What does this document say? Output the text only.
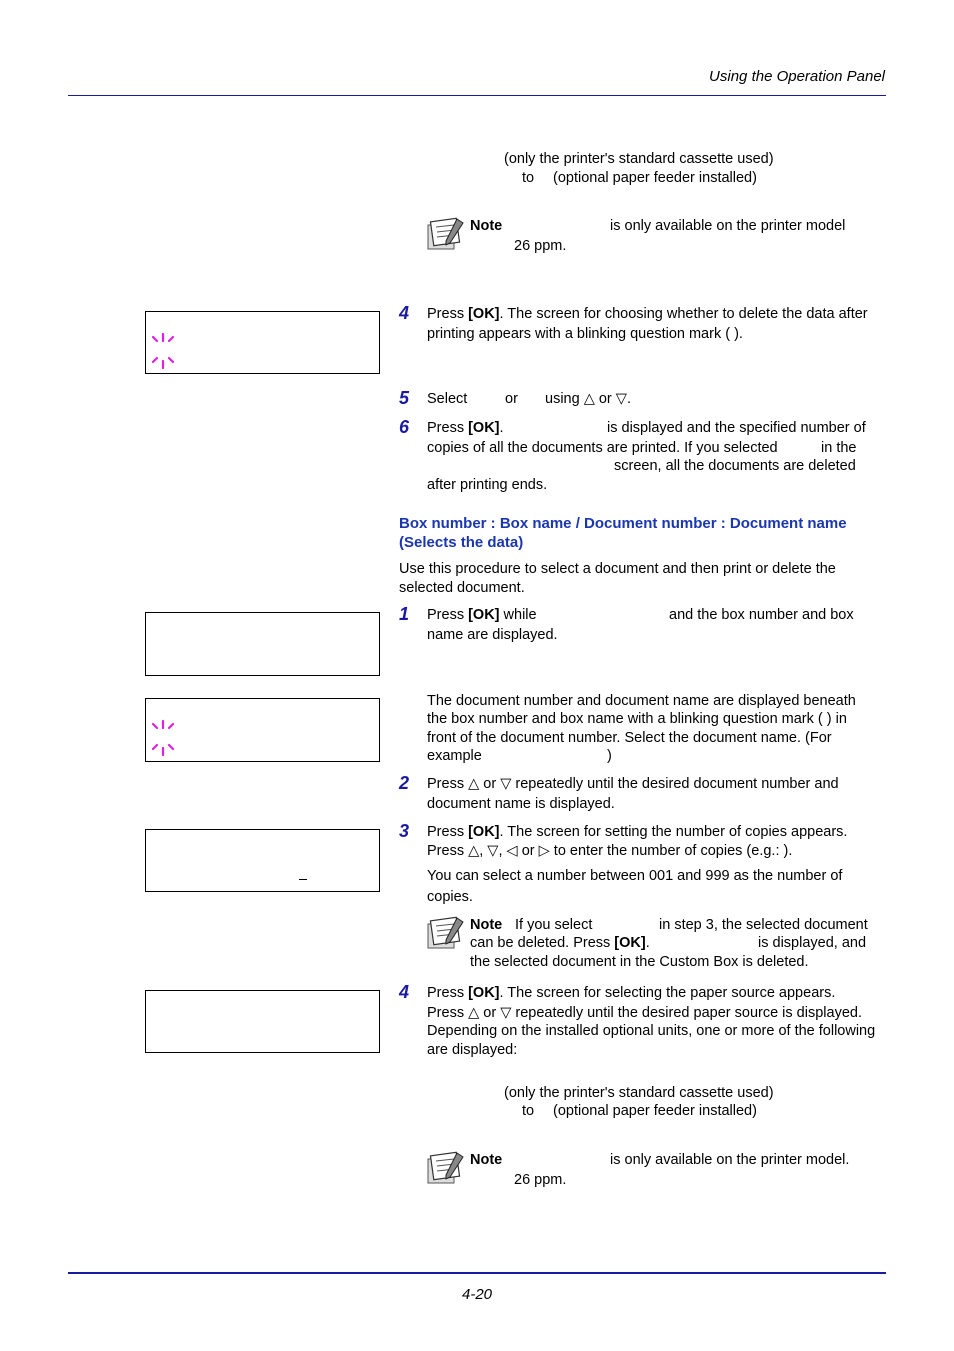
Using the Operation Panel
(only the printer's standard cassette used)
to (optional paper feeder installed)
Note	is only available on the printer model
26 ppm.
4 Press [OK]. The screen for choosing whether to delete the data after
printing appears with a blinking question mark ( ).
5 Select	or using △ or ▽.
6 Press [OK].	is displayed and the specified number of
copies of all the documents are printed. If you selected	in the
screen, all the documents are deleted
after printing ends.
Box number : Box name / Document number : Document name
(Selects the data)
Use this procedure to select a document and then print or delete the
selected document.
1 Press [OK] while	and the box number and box
name are displayed.
The document number and document name are displayed beneath
the box number and box name with a blinking question mark ( ) in
front of the document number. Select the document name. (For
example	)
2 Press △ or ▽ repeatedly until the desired document number and
document name is displayed.
3 Press [OK]. The screen for setting the number of copies appears.
Press △, ▽, ◁ or ▷ to enter the number of copies (e.g.: ).
You can select a number between 001 and 999 as the number of
copies.
Note If you select	in step 3, the selected document
can be deleted. Press [OK].	is displayed, and
the selected document in the Custom Box is deleted.
4 Press [OK]. The screen for selecting the paper source appears.
Press △ or ▽ repeatedly until the desired paper source is displayed.
Depending on the installed optional units, one or more of the following
are displayed:
(only the printer's standard cassette used)
to (optional paper feeder installed)
Note	is only available on the printer model.
26 ppm.
4-20
